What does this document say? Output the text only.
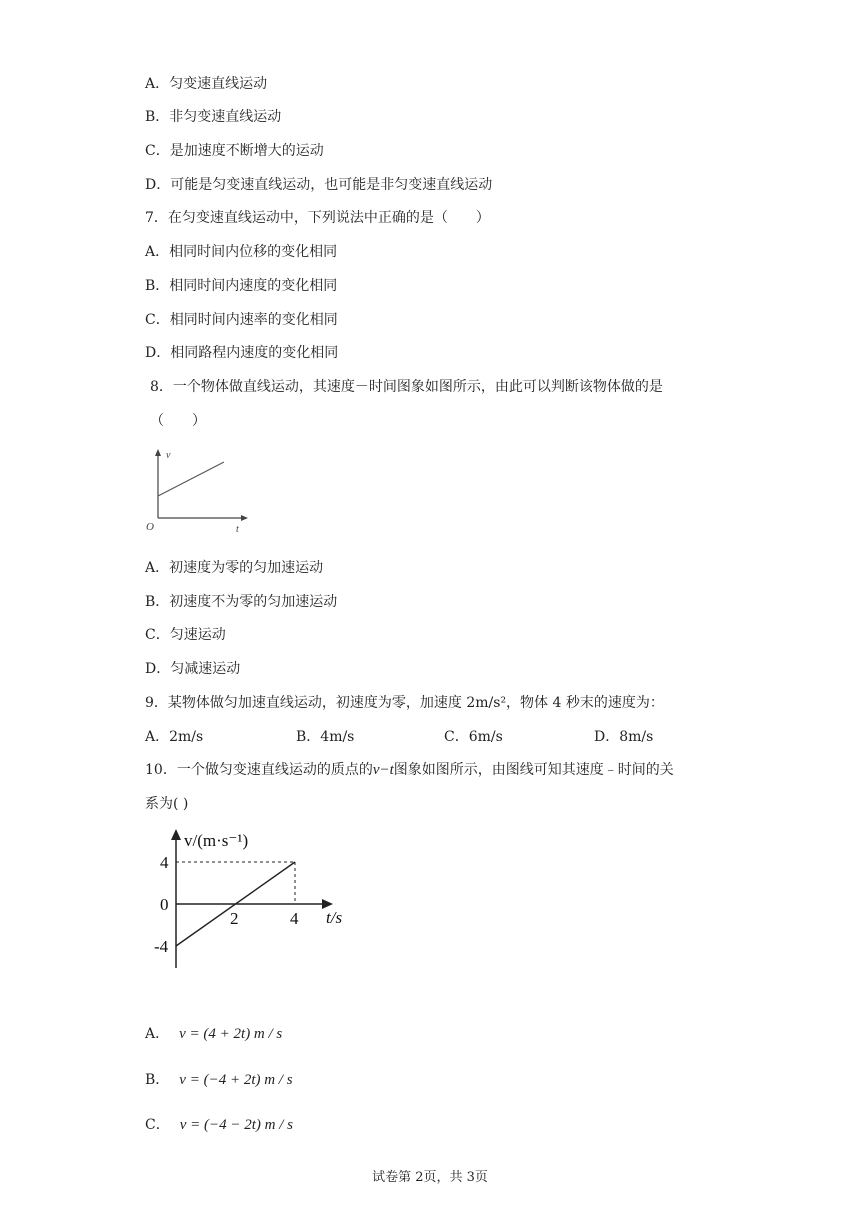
A．匀变速直线运动
B．非匀变速直线运动
C．是加速度不断增大的运动
D．可能是匀变速直线运动，也可能是非匀变速直线运动
7．在匀变速直线运动中，下列说法中正确的是（　　）
A．相同时间内位移的变化相同
B．相同时间内速度的变化相同
C．相同时间内速率的变化相同
D．相同路程内速度的变化相同
8．一个物体做直线运动，其速度－时间图象如图所示，由此可以判断该物体做的是
（　　）
v
t
O
A．初速度为零的匀加速运动
B．初速度不为零的匀加速运动
C．匀速运动
D．匀减速运动
9．某物体做匀加速直线运动，初速度为零，加速度 2m/s²，物体 4 秒末的速度为：
A．2m/s	B．4m/s	C．6m/s	D．8m/s
10．一个做匀变速直线运动的质点的v−t图象如图所示，由图线可知其速度﹣时间的关
系为( )
v/(m·s⁻¹)
4
0
-4
2	4 t/s
A． v = (4 + 2t) m / s
B． v = (−4 + 2t) m / s
C． v = (−4 − 2t) m / s
试卷第 2页，共 3页
